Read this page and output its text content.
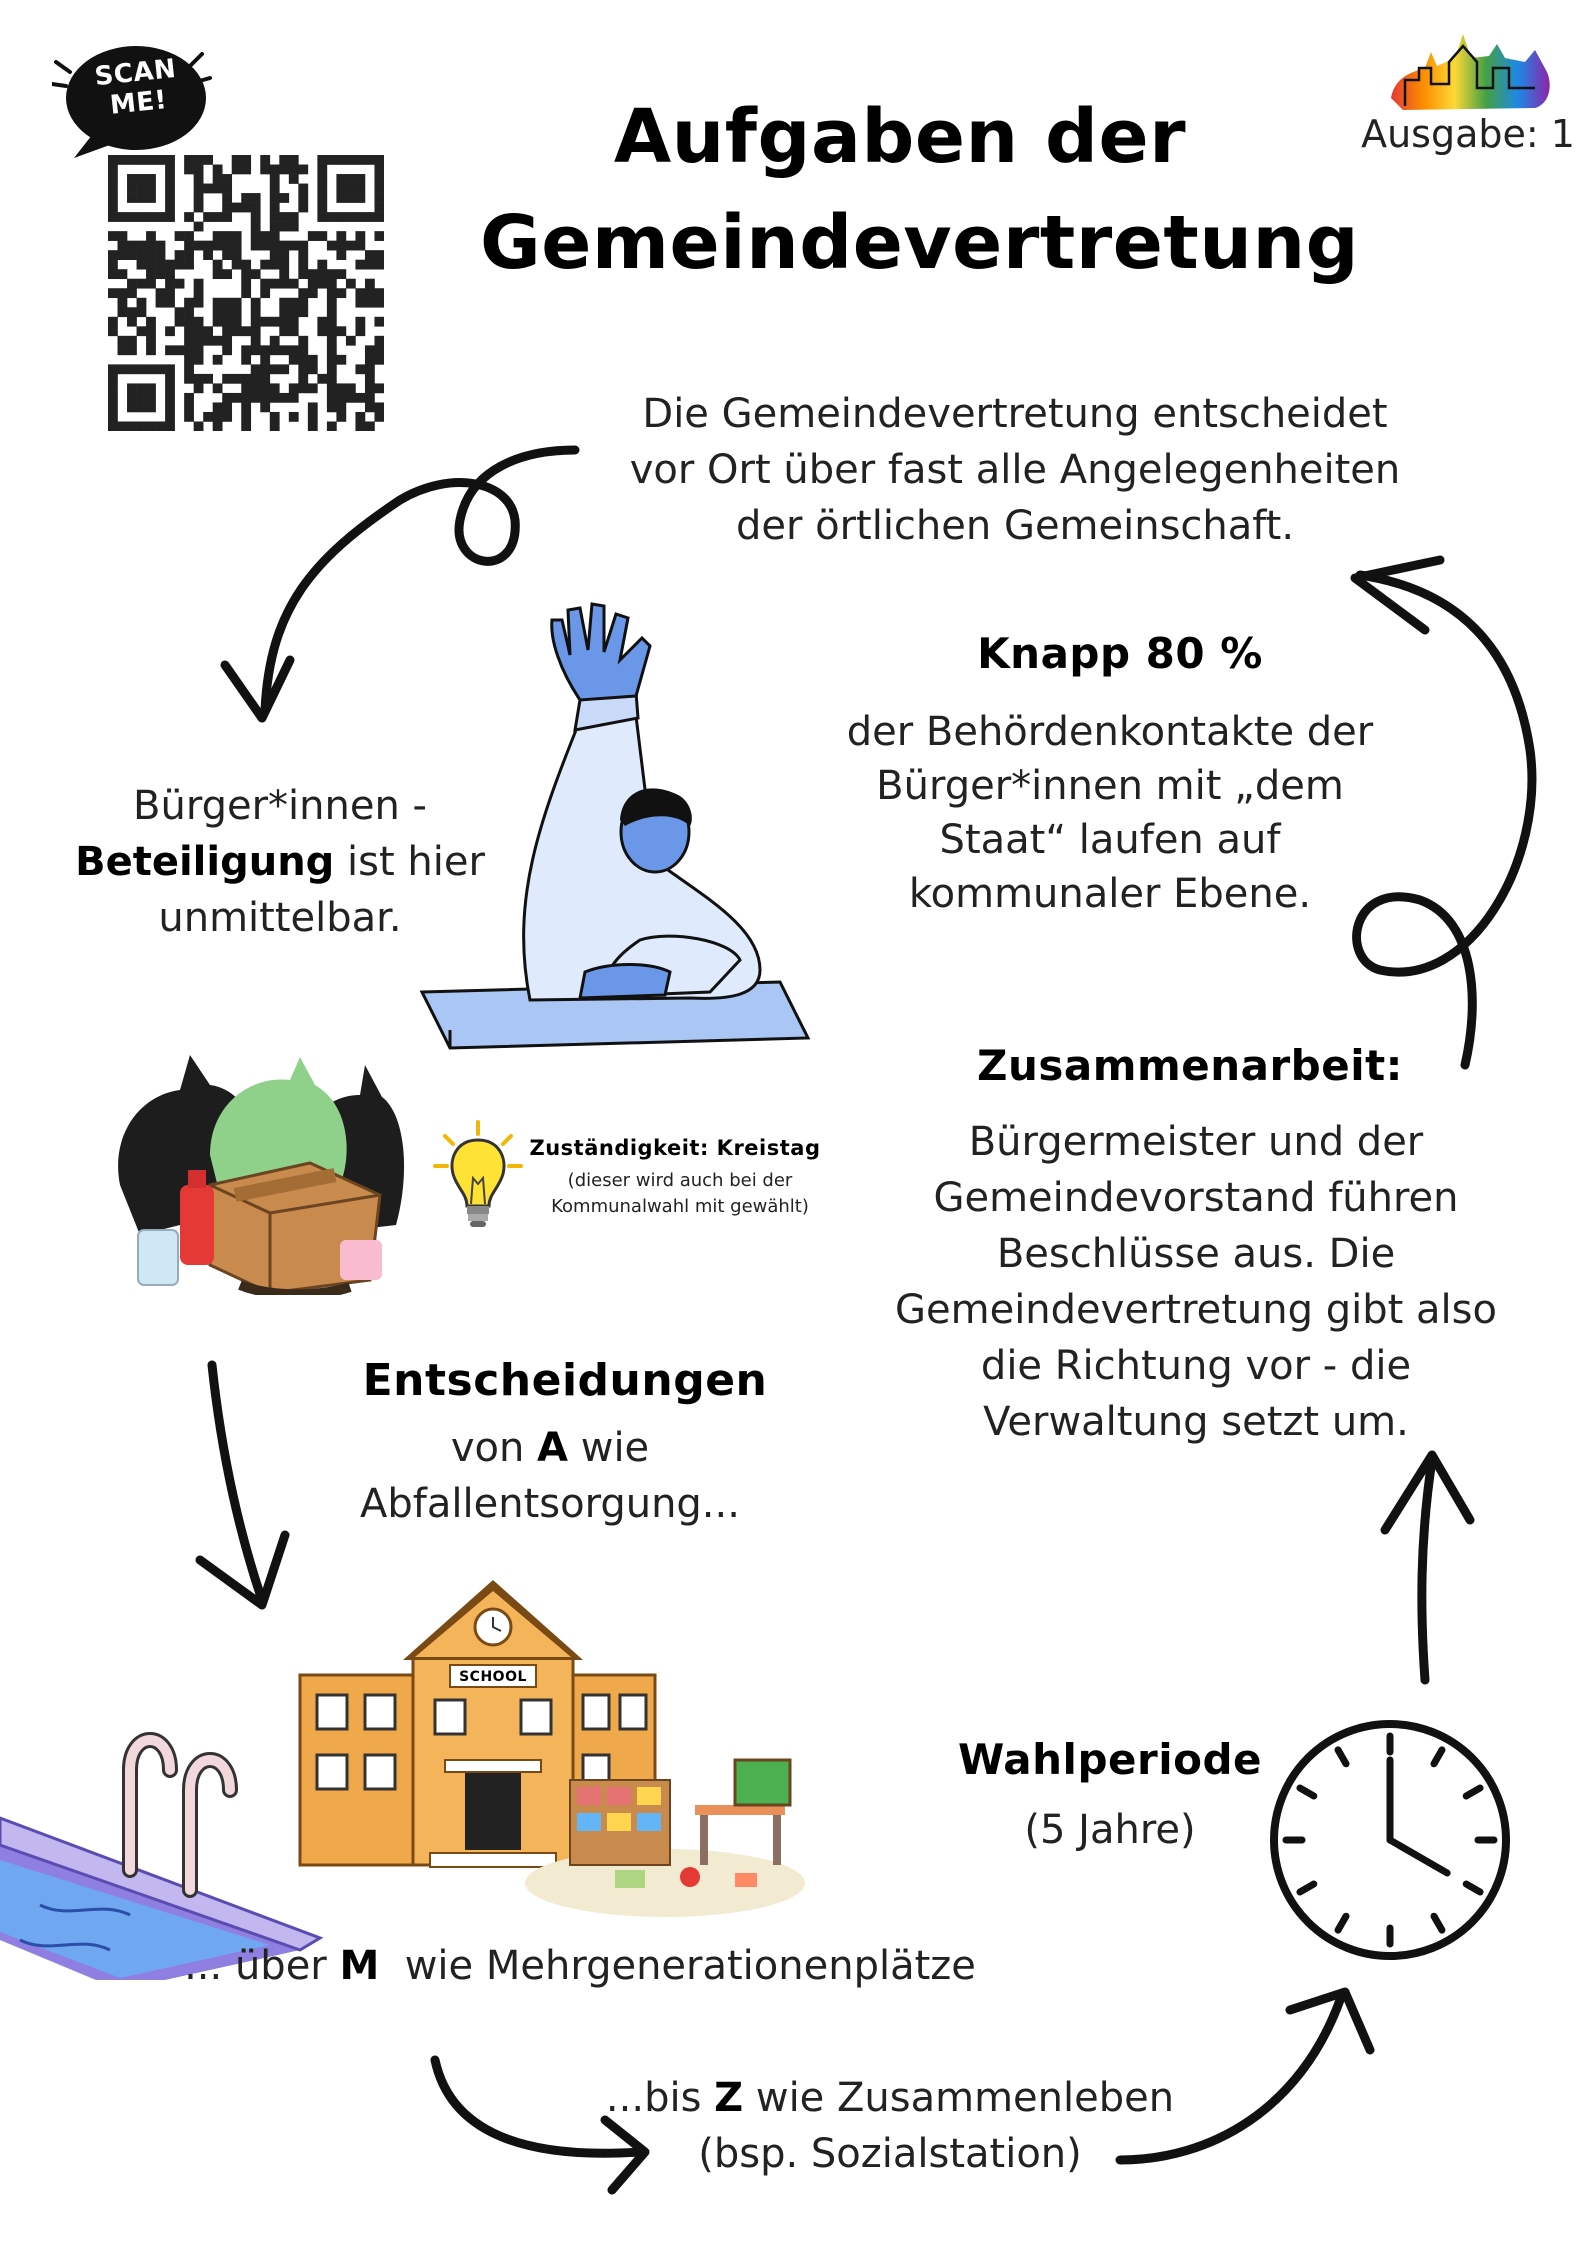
SCAN ME!	Aufgaben der
Gemeindevertretung
Ausgabe: 1
Die Gemeindevertretung entscheidet vor Ort über fast alle Angelegenheiten der örtlichen Gemeinschaft.
Bürger*innen -
Beteiligung ist hier
unmittelbar.
Knapp 80 %
der Behördenkontakte der Bürger*innen mit „dem Staat“ laufen auf kommunaler Ebene.
Zuständigkeit: Kreistag
(dieser wird auch bei der Kommunalwahl mit gewählt)
Zusammenarbeit:
Bürgermeister und der Gemeindevorstand führen Beschlüsse aus. Die Gemeindevertretung gibt also die Richtung vor - die Verwaltung setzt um.
Entscheidungen
von A wie
Abfallentsorgung...
SCHOOL
... über M  wie Mehrgenerationenplätze
Wahlperiode
(5 Jahre)
...bis Z wie Zusammenleben
(bsp. Sozialstation)
